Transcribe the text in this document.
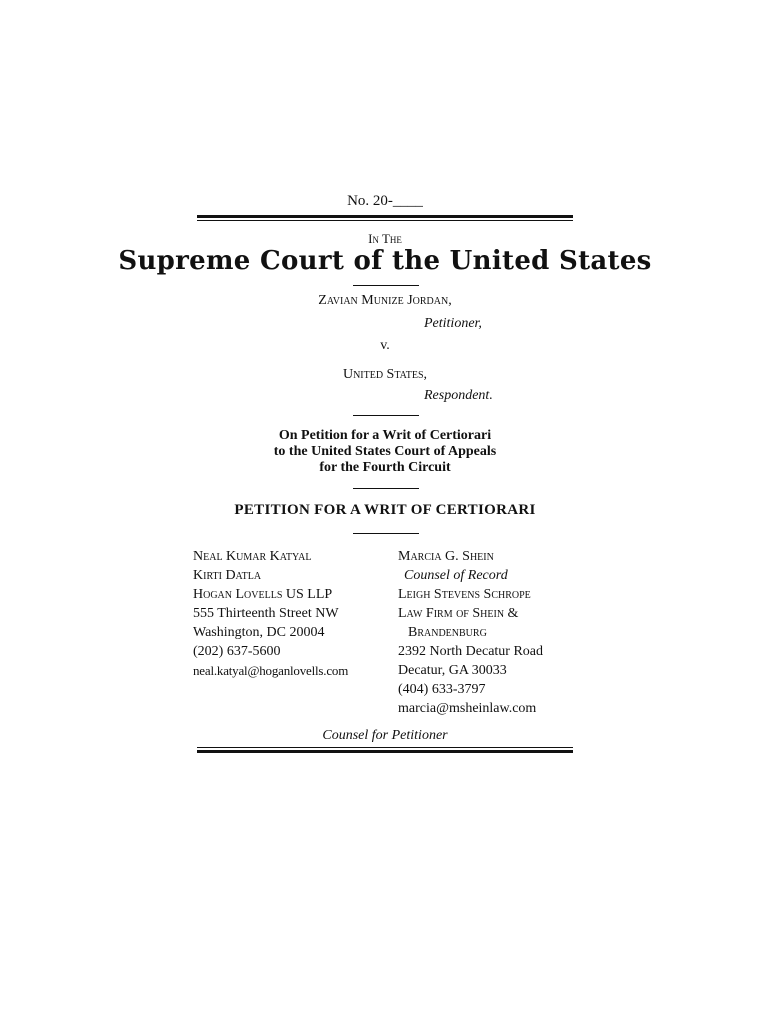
No. 20-____
In The
Supreme Court of the United States
Zavian Munize Jordan,
Petitioner,
v.
United States,
Respondent.
On Petition for a Writ of Certiorari
to the United States Court of Appeals
for the Fourth Circuit
PETITION FOR A WRIT OF CERTIORARI
Neal Kumar Katyal
Kirti Datla
Hogan Lovells US LLP
555 Thirteenth Street NW
Washington, DC 20004
(202) 637-5600
neal.katyal@hoganlovells.com
Marcia G. Shein
Counsel of Record
Leigh Stevens Schrope
Law Firm of Shein &
Brandenburg
2392 North Decatur Road
Decatur, GA 30033
(404) 633-3797
marcia@msheinlaw.com
Counsel for Petitioner
